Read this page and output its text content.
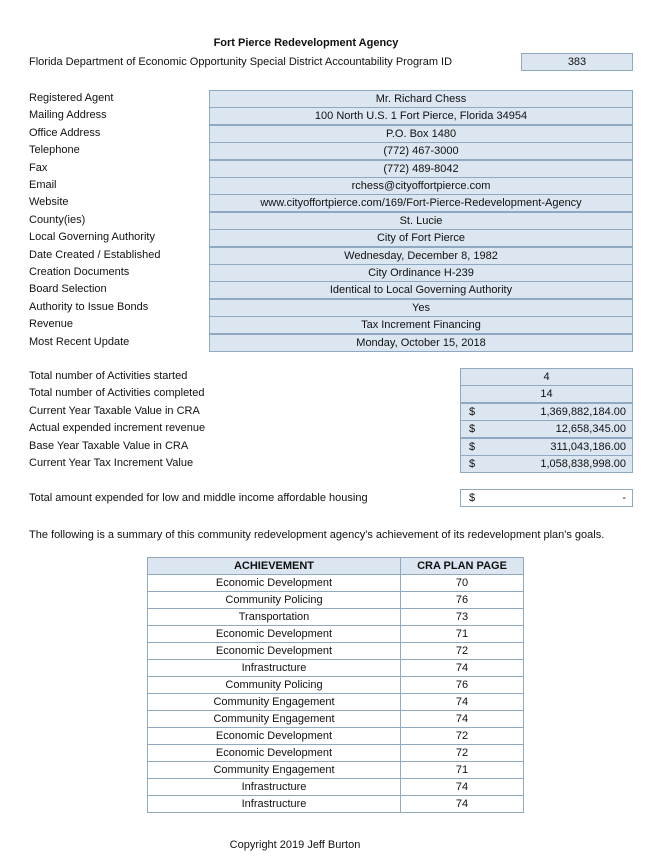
Fort Pierce Redevelopment Agency
Florida Department of Economic Opportunity Special District Accountability Program ID	383
Registered Agent	Mr. Richard Chess
Mailing Address	100 North U.S. 1 Fort Pierce, Florida 34954
Office Address	P.O. Box 1480
Telephone	(772) 467-3000
Fax	(772) 489-8042
Email	rchess@cityoffortpierce.com
Website	www.cityoffortpierce.com/169/Fort-Pierce-Redevelopment-Agency
County(ies)	St. Lucie
Local Governing Authority	City of Fort Pierce
Date Created / Established	Wednesday, December 8, 1982
Creation Documents	City Ordinance H-239
Board Selection	Identical to Local Governing Authority
Authority to Issue Bonds	Yes
Revenue	Tax Increment Financing
Most Recent Update	Monday, October 15, 2018
Total number of Activities started	4
Total number of Activities completed	14
Current Year Taxable Value in CRA	$	1,369,882,184.00
Actual expended increment revenue	$	12,658,345.00
Base Year Taxable Value in CRA	$	311,043,186.00
Current Year Tax Increment Value	$	1,058,838,998.00
Total amount expended for low and middle income affordable housing	$	-
The following is a summary of this community redevelopment agency's achievement of its redevelopment plan's goals.
ACHIEVEMENT	CRA PLAN PAGE
Economic Development	70
Community Policing	76
Transportation	73
Economic Development	71
Economic Development	72
Infrastructure	74
Community Policing	76
Community Engagement	74
Community Engagement	74
Economic Development	72
Economic Development	72
Community Engagement	71
Infrastructure	74
Infrastructure	74
Copyright 2019 Jeff Burton
